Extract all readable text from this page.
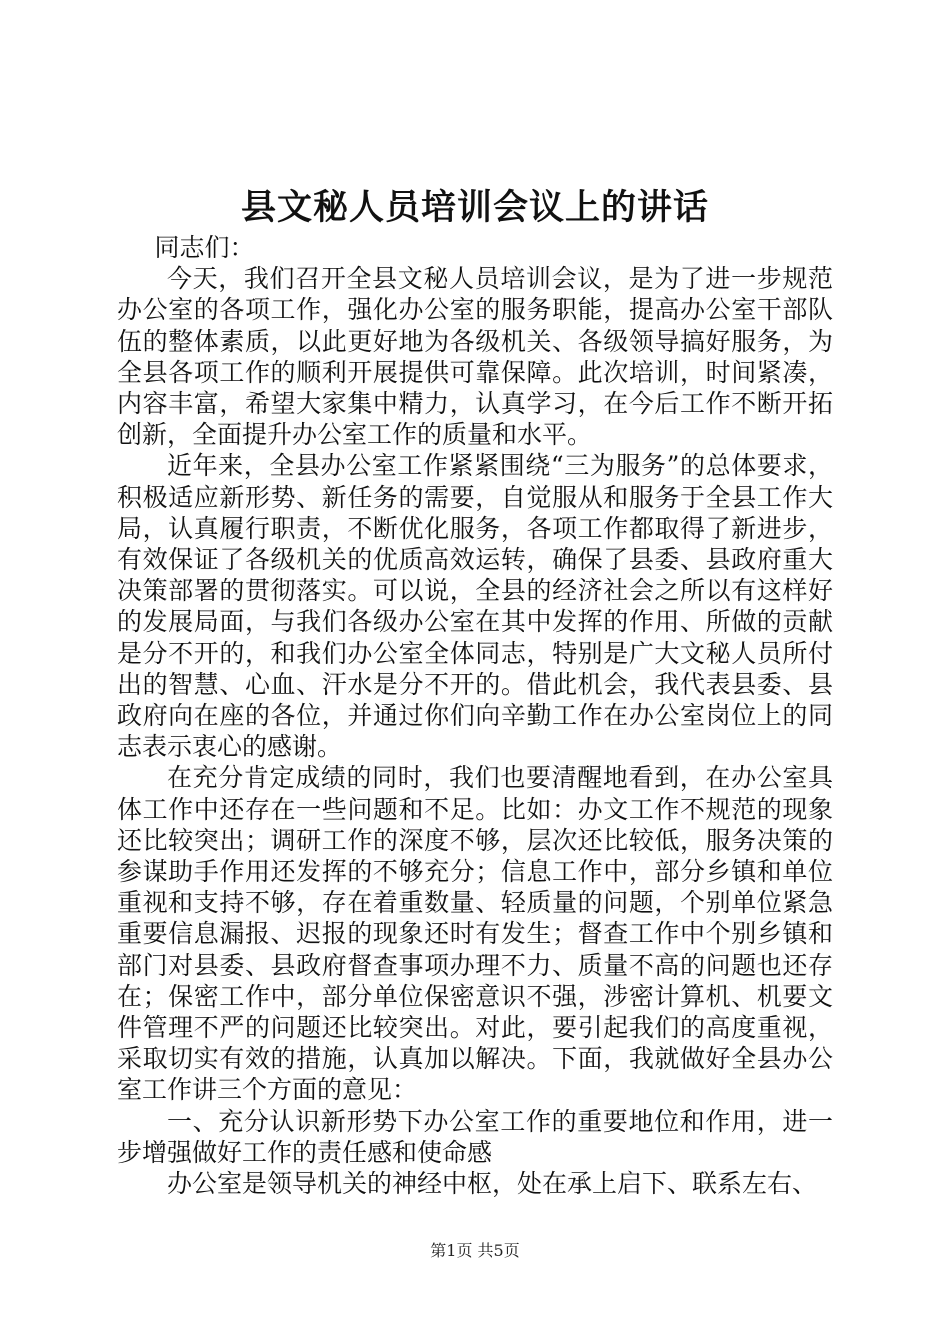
县文秘人员培训会议上的讲话

同志们：

今天，我们召开全县文秘人员培训会议，是为了进一步规范办公室的各项工作，强化办公室的服务职能，提高办公室干部队伍的整体素质，以此更好地为各级机关、各级领导搞好服务，为全县各项工作的顺利开展提供可靠保障。此次培训，时间紧凑，内容丰富，希望大家集中精力，认真学习，在今后工作不断开拓创新，全面提升办公室工作的质量和水平。

近年来，全县办公室工作紧紧围绕“三为服务”的总体要求，积极适应新形势、新任务的需要，自觉服从和服务于全县工作大局，认真履行职责，不断优化服务，各项工作都取得了新进步，有效保证了各级机关的优质高效运转，确保了县委、县政府重大决策部署的贯彻落实。可以说，全县的经济社会之所以有这样好的发展局面，与我们各级办公室在其中发挥的作用、所做的贡献是分不开的，和我们办公室全体同志，特别是广大文秘人员所付出的智慧、心血、汗水是分不开的。借此机会，我代表县委、县政府向在座的各位，并通过你们向辛勤工作在办公室岗位上的同志表示衷心的感谢。

在充分肯定成绩的同时，我们也要清醒地看到，在办公室具体工作中还存在一些问题和不足。比如：办文工作不规范的现象还比较突出；调研工作的深度不够，层次还比较低，服务决策的参谋助手作用还发挥的不够充分；信息工作中，部分乡镇和单位重视和支持不够，存在着重数量、轻质量的问题，个别单位紧急重要信息漏报、迟报的现象还时有发生；督查工作中个别乡镇和部门对县委、县政府督查事项办理不力、质量不高的问题也还存在；保密工作中，部分单位保密意识不强，涉密计算机、机要文件管理不严的问题还比较突出。对此，要引起我们的高度重视，采取切实有效的措施，认真加以解决。下面，我就做好全县办公室工作讲三个方面的意见：

一、充分认识新形势下办公室工作的重要地位和作用，进一步增强做好工作的责任感和使命感

办公室是领导机关的神经中枢，处在承上启下、联系左右、

第1页 共5页
